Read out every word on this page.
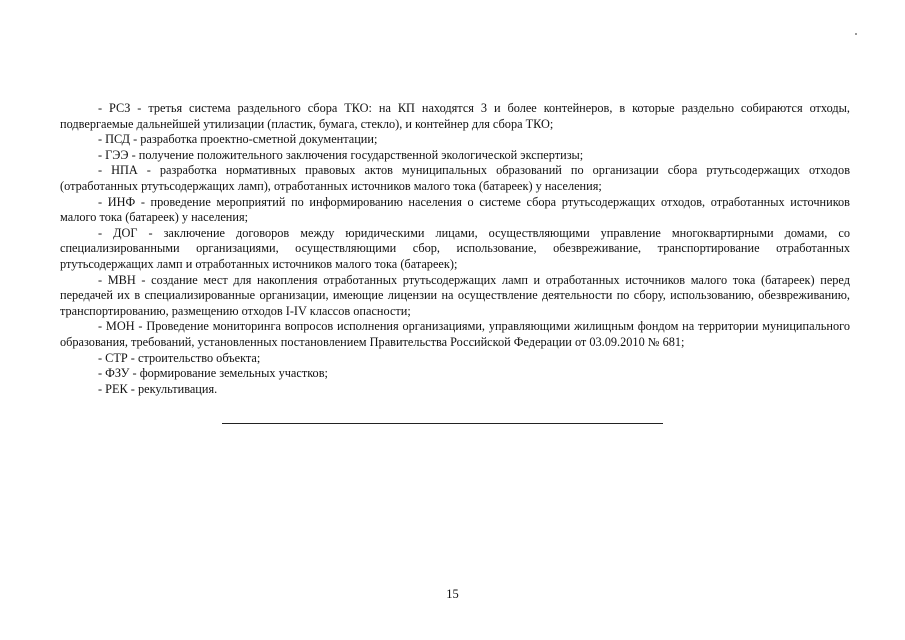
- РСЗ - третья система раздельного сбора ТКО: на КП находятся 3 и более контейнеров, в которые раздельно собираются отходы, подвергаемые дальнейшей утилизации (пластик, бумага, стекло), и контейнер для сбора ТКО;

- ПСД - разработка проектно-сметной документации;

- ГЭЭ - получение положительного заключения государственной экологической экспертизы;

- НПА - разработка нормативных правовых актов муниципальных образований по организации сбора ртутьсодержащих отходов (отработанных ртутьсодержащих ламп), отработанных источников малого тока (батареек) у населения;

- ИНФ - проведение мероприятий по информированию населения о системе сбора ртутьсодержащих отходов, отработанных источников малого тока (батареек) у населения;

- ДОГ - заключение договоров между юридическими лицами, осуществляющими управление многоквартирными домами, со специализированными организациями, осуществляющими сбор, использование, обезвреживание, транспортирование отработанных ртутьсодержащих ламп и отработанных источников малого тока (батареек);

- МВН - создание мест для накопления отработанных ртутьсодержащих ламп и отработанных источников малого тока (батареек) перед передачей их в специализированные организации, имеющие лицензии на осуществление деятельности по сбору, использованию, обезвреживанию, транспортированию, размещению отходов I-IV классов опасности;

- МОН - Проведение мониторинга вопросов исполнения организациями, управляющими жилищным фондом на территории муниципального образования, требований, установленных постановлением Правительства Российской Федерации от 03.09.2010 № 681;

- СТР - строительство объекта;

- ФЗУ - формирование земельных участков;

- РЕК - рекультивация.

15
